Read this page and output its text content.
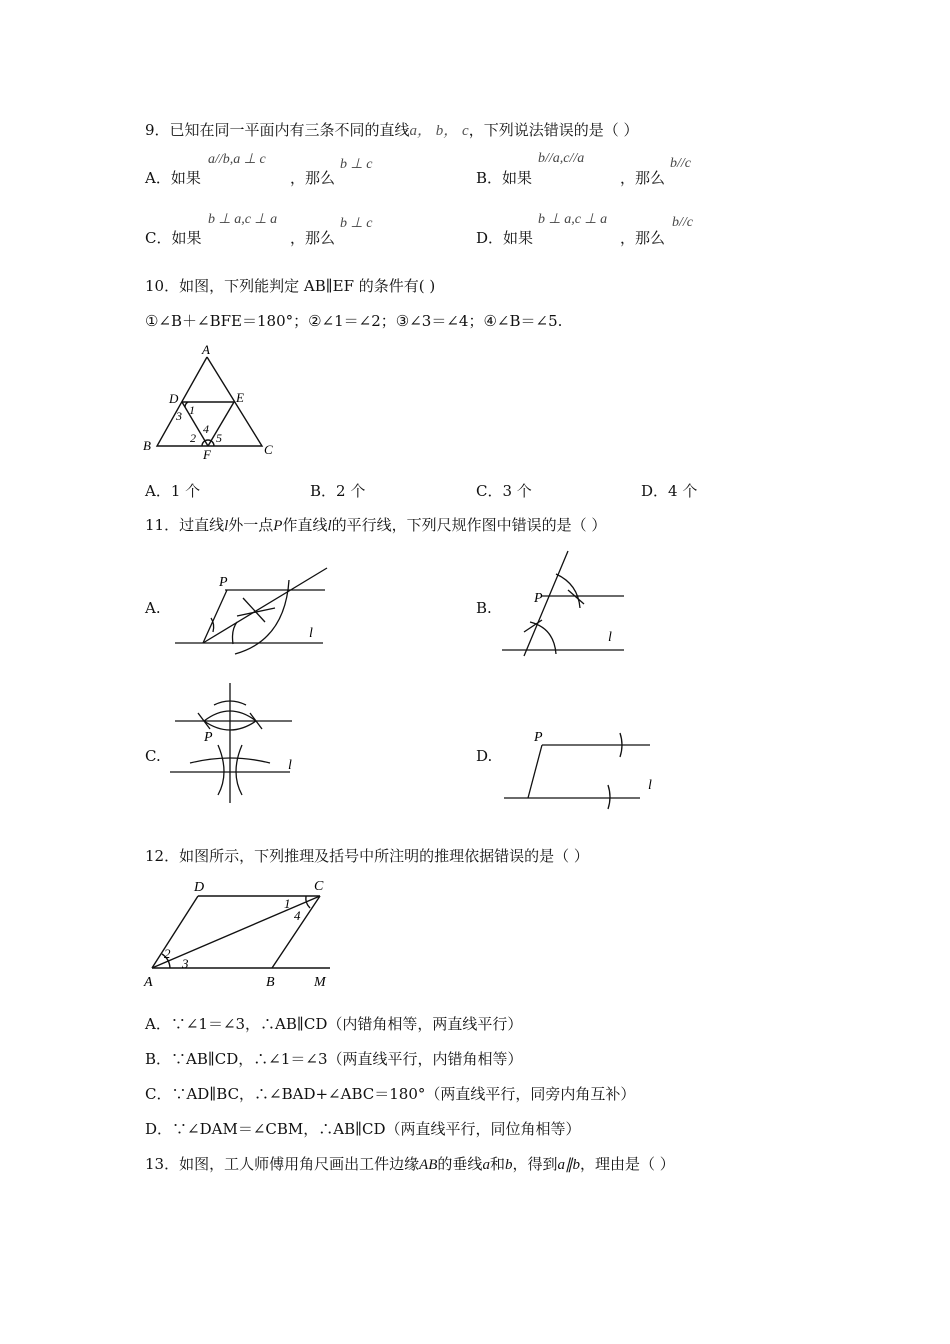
9．已知在同一平面内有三条不同的直线a， b， c，下列说法错误的是（ ）
A．如果
a//b,a ⊥ c
，那么
b ⊥ c
B．如果
b//a,c//a
，那么
b//c
C．如果
b ⊥ a,c ⊥ a
，那么
b ⊥ c
D．如果
b ⊥ a,c ⊥ a
，那么
b//c
10．如图，下列能判定 AB∥EF 的条件有( )
①∠B＋∠BFE＝180°；②∠1＝∠2；③∠3＝∠4；④∠B＝∠5.
A
D	E
B	C
F
1
3
4
2 5
A．1 个	B．2 个	C．3 个	D．4 个
11．过直线l外一点P作直线l的平行线，下列尺规作图中错误的是（ ）
A.
P
l
B.
P
l
C.
P
l
D.
P
l
12．如图所示，下列推理及括号中所注明的推理依据错误的是（ ）
D	C
A	B	M
1
4
2
3
A．∵∠1＝∠3，∴AB∥CD（内错角相等，两直线平行）
B．∵AB∥CD，∴∠1＝∠3（两直线平行，内错角相等）
C．∵AD∥BC，∴∠BAD+∠ABC＝180°（两直线平行，同旁内角互补）
D．∵∠DAM＝∠CBM，∴AB∥CD（两直线平行，同位角相等）
13．如图，工人师傅用角尺画出工件边缘AB的垂线a和b，得到a∥b，理由是（ ）
